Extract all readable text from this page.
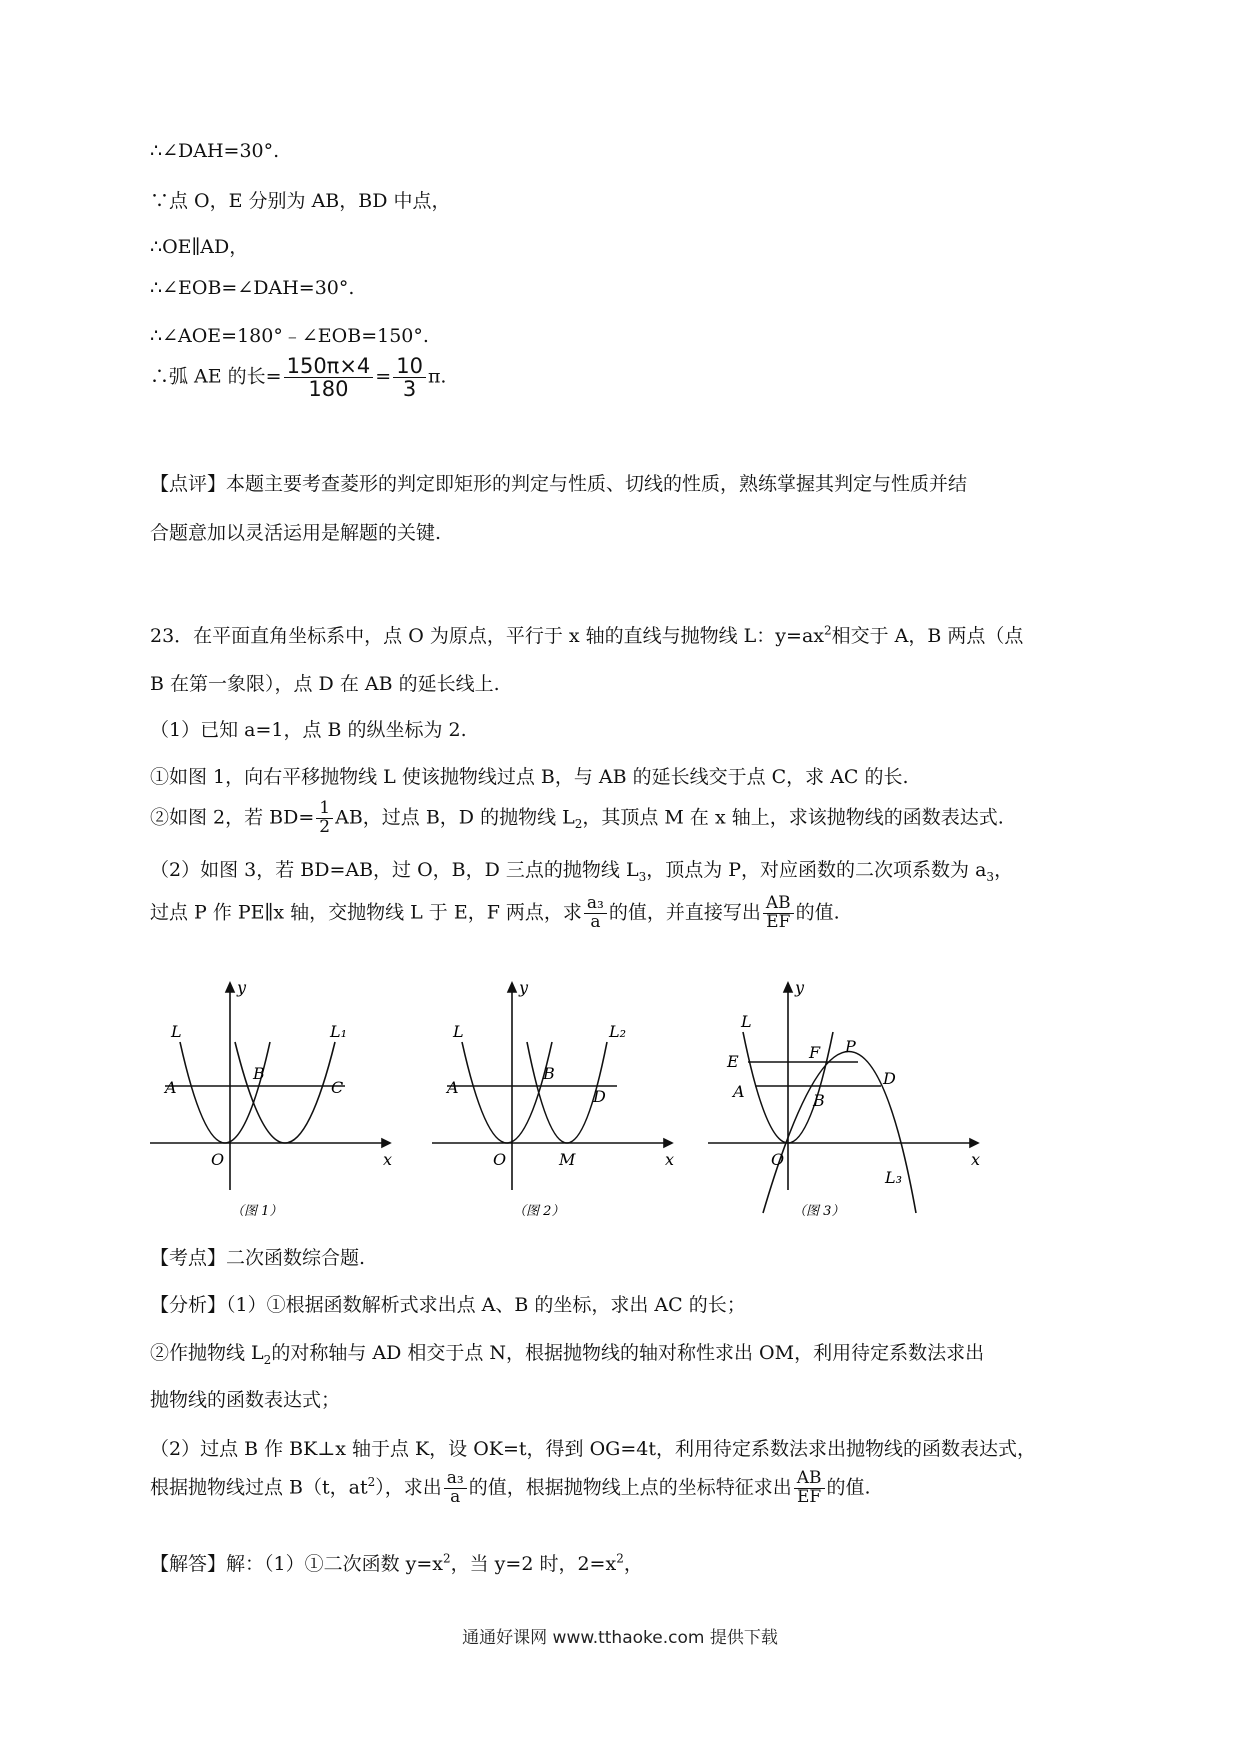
∴∠DAH=30°.
∵点 O，E 分别为 AB，BD 中点，
∴OE∥AD，
∴∠EOB=∠DAH=30°.
∴∠AOE=180°﹣∠EOB=150°.
∴弧 AE 的长= $\frac{150\pi\times 4}{180} = \frac{10}{3} \pi$.
【点评】本题主要考查菱形的判定即矩形的判定与性质、切线的性质，熟练掌握其判定与性质并结
合题意加以灵活运用是解题的关键.
23．在平面直角坐标系中，点 O 为原点，平行于 x 轴的直线与抛物线 L：$y=ax^2$相交于 A，B 两点（点
B 在第一象限），点 D 在 AB 的延长线上.
（1）已知 a=1，点 B 的纵坐标为 2.
①如图 1，向右平移抛物线 L 使该抛物线过点 B，与 AB 的延长线交于点 C，求 AC 的长.
②如图 2，若 $BD= \frac{1}{2}$ AB，过点 B，D 的抛物线 $L_2$，其顶点 M 在 x 轴上，求该抛物线的函数表达式.
（2）如图 3，若 BD=AB，过 O，B，D 三点的抛物线 $L_3$，顶点为 P，对应函数的二次项系数为 $a_3$，
过点 P 作 PE∥x 轴，交抛物线 L 于 E，F 两点，求 $\frac{\text{a₃}}{a}$ 的值，并直接写出 $\frac{AB}{EF}$ 的值.
L	L₁
A
B
C
O
y
x
（图 1）
L	L₂
A
B
D
M
O
y
x
（图 2）
L
E	F P
D
A	B
O
L₃
y
x
（图 3）
【考点】二次函数综合题.
【分析】（1）①根据函数解析式求出点 A、B 的坐标，求出 AC 的长；
②作抛物线 $L_2$的对称轴与 AD 相交于点 N，根据抛物线的轴对称性求出 OM，利用待定系数法求出
抛物线的函数表达式；
（2）过点 B 作 BK⊥x 轴于点 K，设 OK=t，得到 OG=4t，利用待定系数法求出抛物线的函数表达式，
根据抛物线过点 B（t，$at^2$），求出 $\frac{\text{a₃}}{a}$ 的值，根据抛物线上点的坐标特征求出 $\frac{AB}{EF}$ 的值.
【解答】解：（1）①二次函数 $y=x^2$，当 y=2 时，$2=x^2$，
通通好课网 www.tthaoke.com 提供下载
